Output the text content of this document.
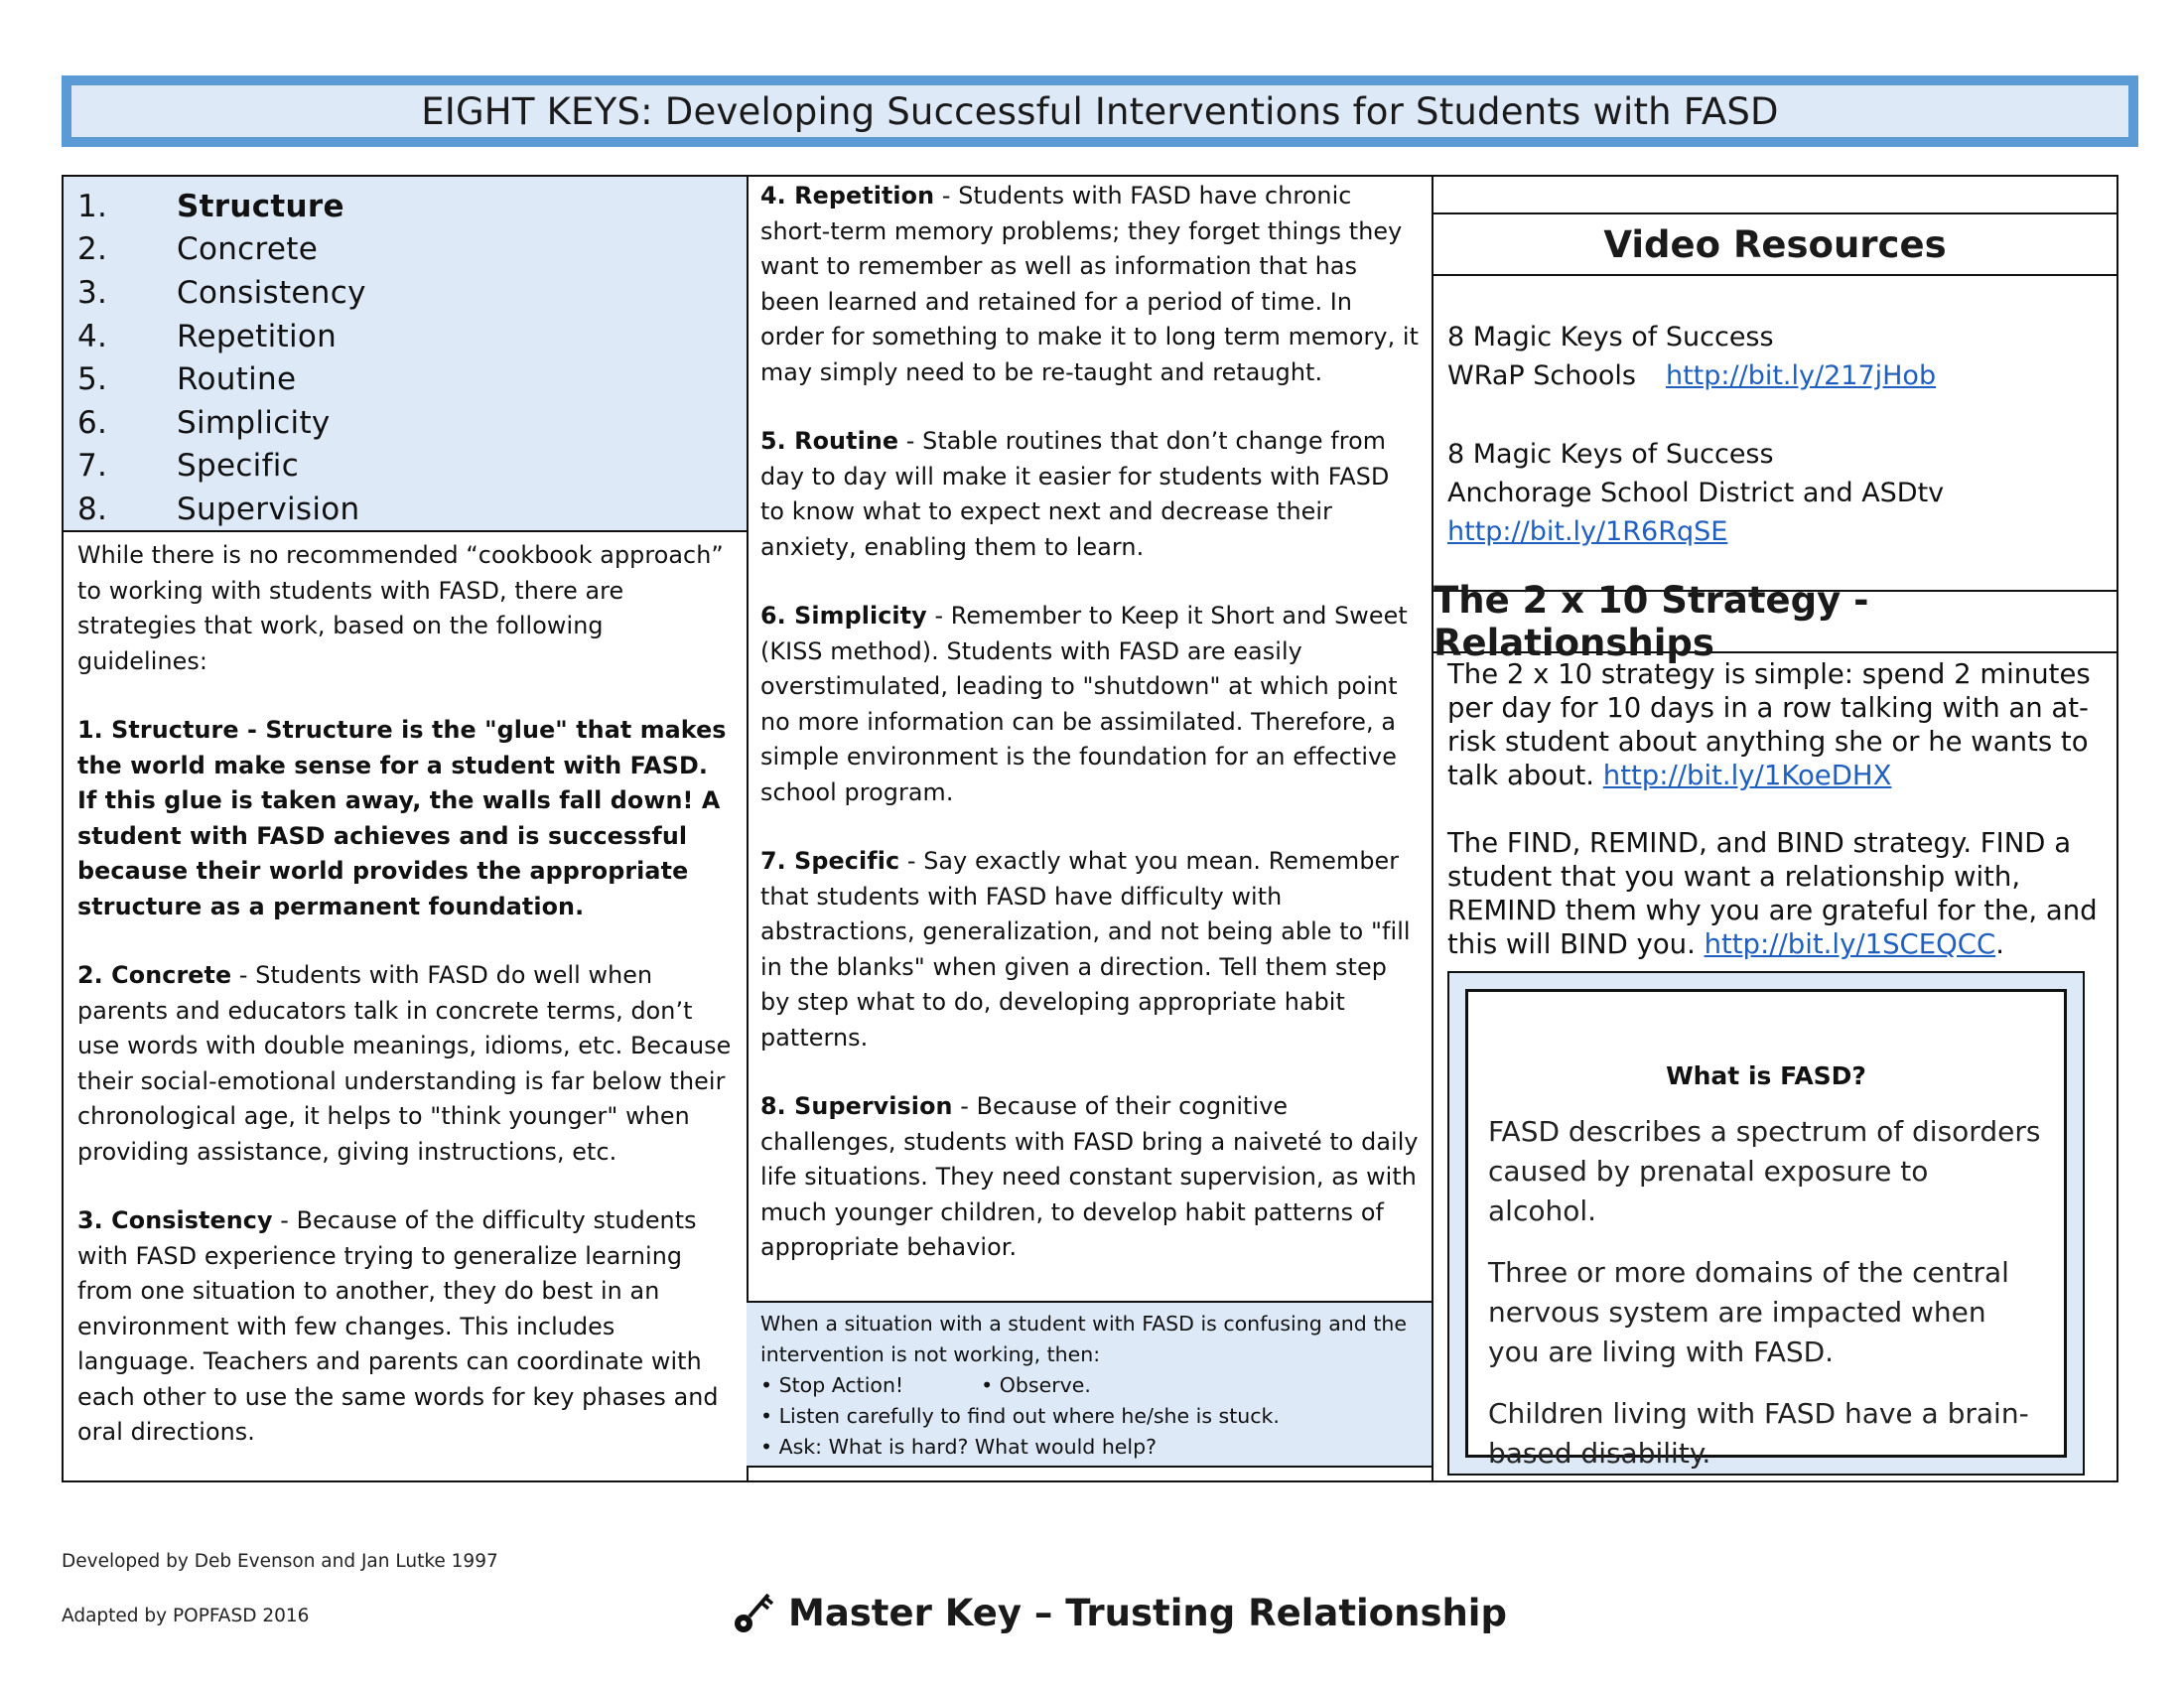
EIGHT KEYS: Developing Successful Interventions for Students with FASD
1.	Structure
2.	Concrete
3.	Consistency
4.	Repetition
5.	Routine
6.	Simplicity
7.	Specific
8.	Supervision

While there is no recommended “cookbook approach” to working with students with FASD, there are strategies that work, based on the following guidelines:

1. Structure - Structure is the "glue" that makes the world make sense for a student with FASD. If this glue is taken away, the walls fall down! A student with FASD achieves and is successful because their world provides the appropriate structure as a permanent foundation.

2. Concrete - Students with FASD do well when parents and educators talk in concrete terms, don’t use words with double meanings, idioms, etc. Because their social-emotional understanding is far below their chronological age, it helps to "think younger" when providing assistance, giving instructions, etc.

3. Consistency - Because of the difficulty students with FASD experience trying to generalize learning from one situation to another, they do best in an environment with few changes. This includes language. Teachers and parents can coordinate with each other to use the same words for key phases and oral directions.

4. Repetition - Students with FASD have chronic short-term memory problems; they forget things they want to remember as well as information that has been learned and retained for a period of time. In order for something to make it to long term memory, it may simply need to be re-taught and retaught.

5. Routine - Stable routines that don’t change from day to day will make it easier for students with FASD to know what to expect next and decrease their anxiety, enabling them to learn.

6. Simplicity - Remember to Keep it Short and Sweet (KISS method). Students with FASD are easily overstimulated, leading to "shutdown" at which point no more information can be assimilated. Therefore, a simple environment is the foundation for an effective school program.

7. Specific - Say exactly what you mean. Remember that students with FASD have difficulty with abstractions, generalization, and not being able to "fill in the blanks" when given a direction. Tell them step by step what to do, developing appropriate habit patterns.

8. Supervision - Because of their cognitive challenges, students with FASD bring a naiveté to daily life situations. They need constant supervision, as with much younger children, to develop habit patterns of appropriate behavior.

When a situation with a student with FASD is confusing and the intervention is not working, then:
• Stop Action!	• Observe.
• Listen carefully to find out where he/she is stuck.
• Ask: What is hard? What would help?
Video Resources
8 Magic Keys of Success
WRaP Schools http://bit.ly/217jHob
8 Magic Keys of Success
Anchorage School District and ASDtv
http://bit.ly/1R6RqSE
The 2 x 10 Strategy - Relationships

The 2 x 10 strategy is simple: spend 2 minutes per day for 10 days in a row talking with an at-risk student about anything she or he wants to talk about. http://bit.ly/1KoeDHX

The FIND, REMIND, and BIND strategy. FIND a student that you want a relationship with, REMIND them why you are grateful for the, and this will BIND you. http://bit.ly/1SCEQCC.

What is FASD?

FASD describes a spectrum of disorders caused by prenatal exposure to alcohol.

Three or more domains of the central nervous system are impacted when you are living with FASD.

Children living with FASD have a brain-based disability.

Developed by Deb Evenson and Jan Lutke 1997
Adapted by POPFASD 2016	Master Key – Trusting Relationship
